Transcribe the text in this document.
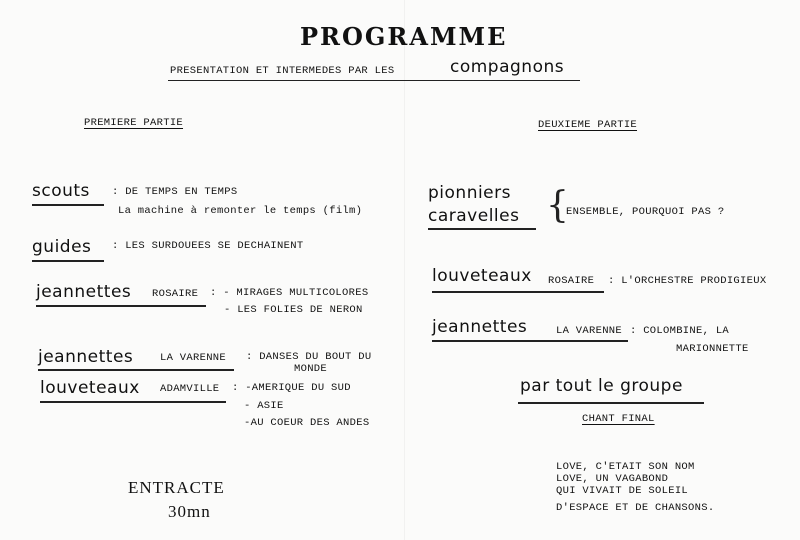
PROGRAMME
PRESENTATION ET INTERMEDES PAR LES	compagnons
PREMIERE PARTIE
scouts : DE TEMPS EN TEMPS
La machine à remonter le temps (film)
guides : LES SURDOUEES SE DECHAINENT
jeannettes ROSAIRE : - MIRAGES MULTICOLORES
- LES FOLIES DE NERON
jeannettes	LA VARENNE : DANSES DU BOUT DU
MONDE
louveteaux ADAMVILLE : -AMERIQUE DU SUD
- ASIE
-AU COEUR DES ANDES
ENTRACTE
30mn
DEUXIEME PARTIE
pionniers
caravelles {
ENSEMBLE, POURQUOI PAS ?
louveteaux ROSAIRE : L'ORCHESTRE PRODIGIEUX
jeannettes	LA VARENNE : COLOMBINE, LA
MARIONNETTE
par tout le groupe
CHANT FINAL
LOVE, C'ETAIT SON NOM
LOVE, UN VAGABOND
QUI VIVAIT DE SOLEIL
D'ESPACE ET DE CHANSONS.
